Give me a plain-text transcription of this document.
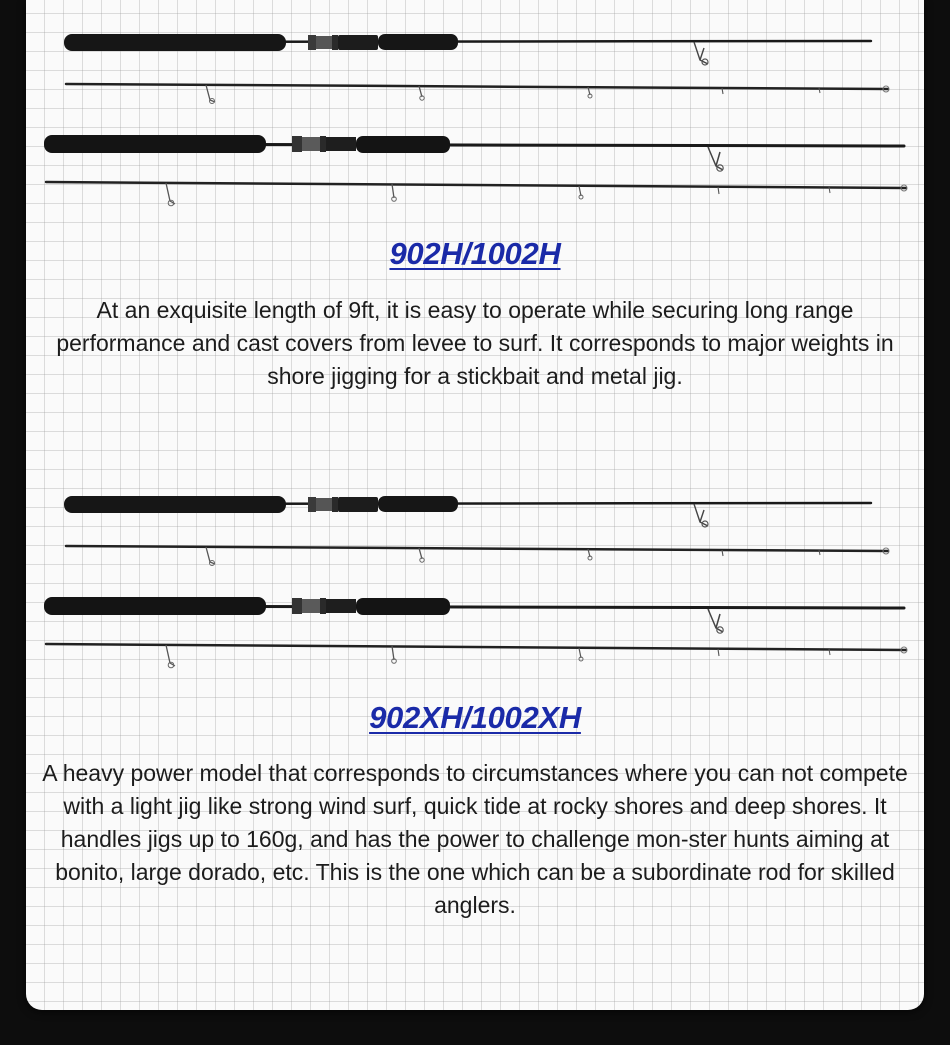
902H/1002H

At an exquisite length of 9ft, it is easy to operate while securing long range performance and cast covers from levee to surf. It corresponds to major weights in shore jigging for a stickbait and metal jig.

902XH/1002XH

A heavy power model that corresponds to circumstances where you can not compete with a light jig like strong wind surf, quick tide at rocky shores and deep shores. It handles jigs up to 160g, and has the power to challenge mon-ster hunts aiming at bonito, large dorado, etc. This is the one which can be a subordinate rod for skilled anglers.
